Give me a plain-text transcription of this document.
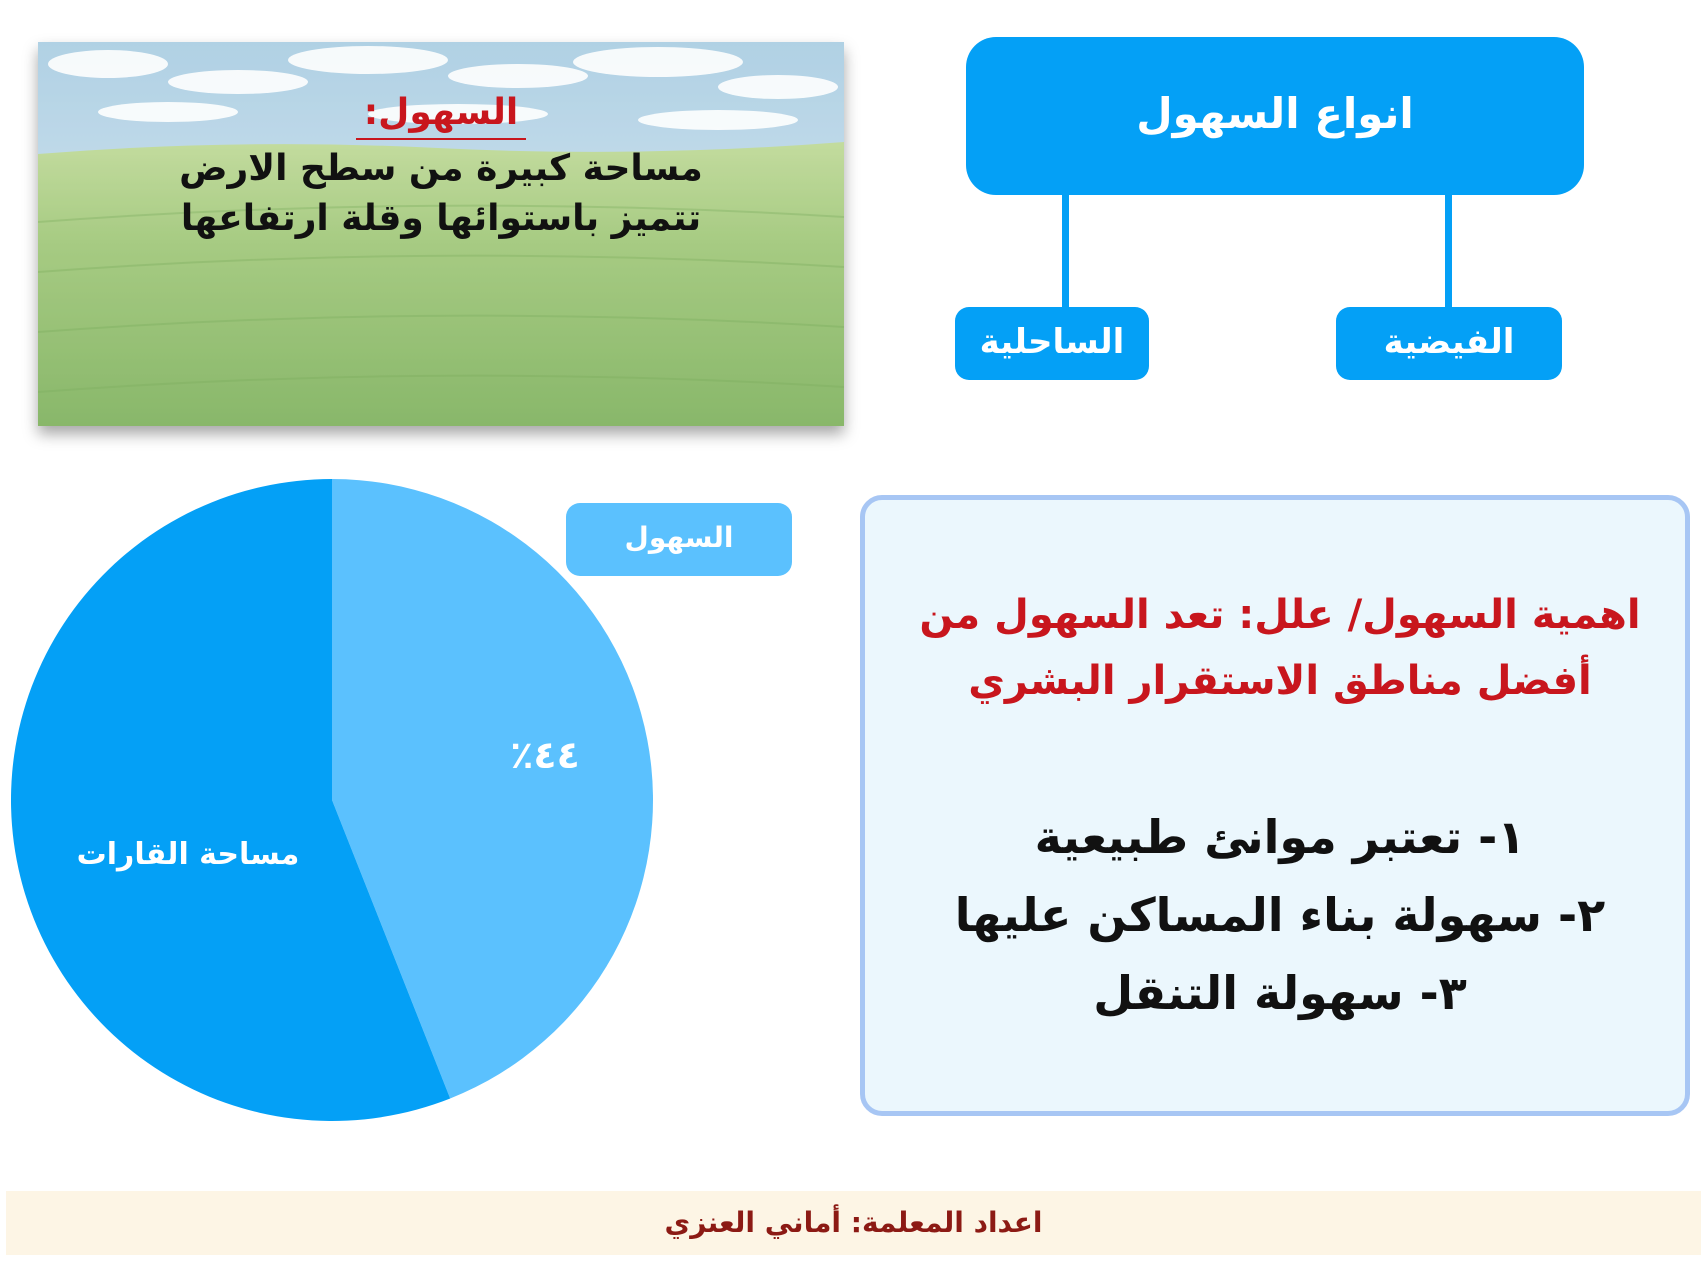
السهول:
مساحة كبيرة من سطح الارض تتميز باستوائها وقلة ارتفاعها
انواع السهول
الساحلية	الفيضية
٤٤٪
مساحة القارات
السهول
اهمية السهول/ علل: تعد السهول من أفضل مناطق الاستقرار البشري
١- تعتبر موانئ طبيعية
٢- سهولة بناء المساكن عليها
٣- سهولة التنقل
اعداد المعلمة: أماني العنزي
